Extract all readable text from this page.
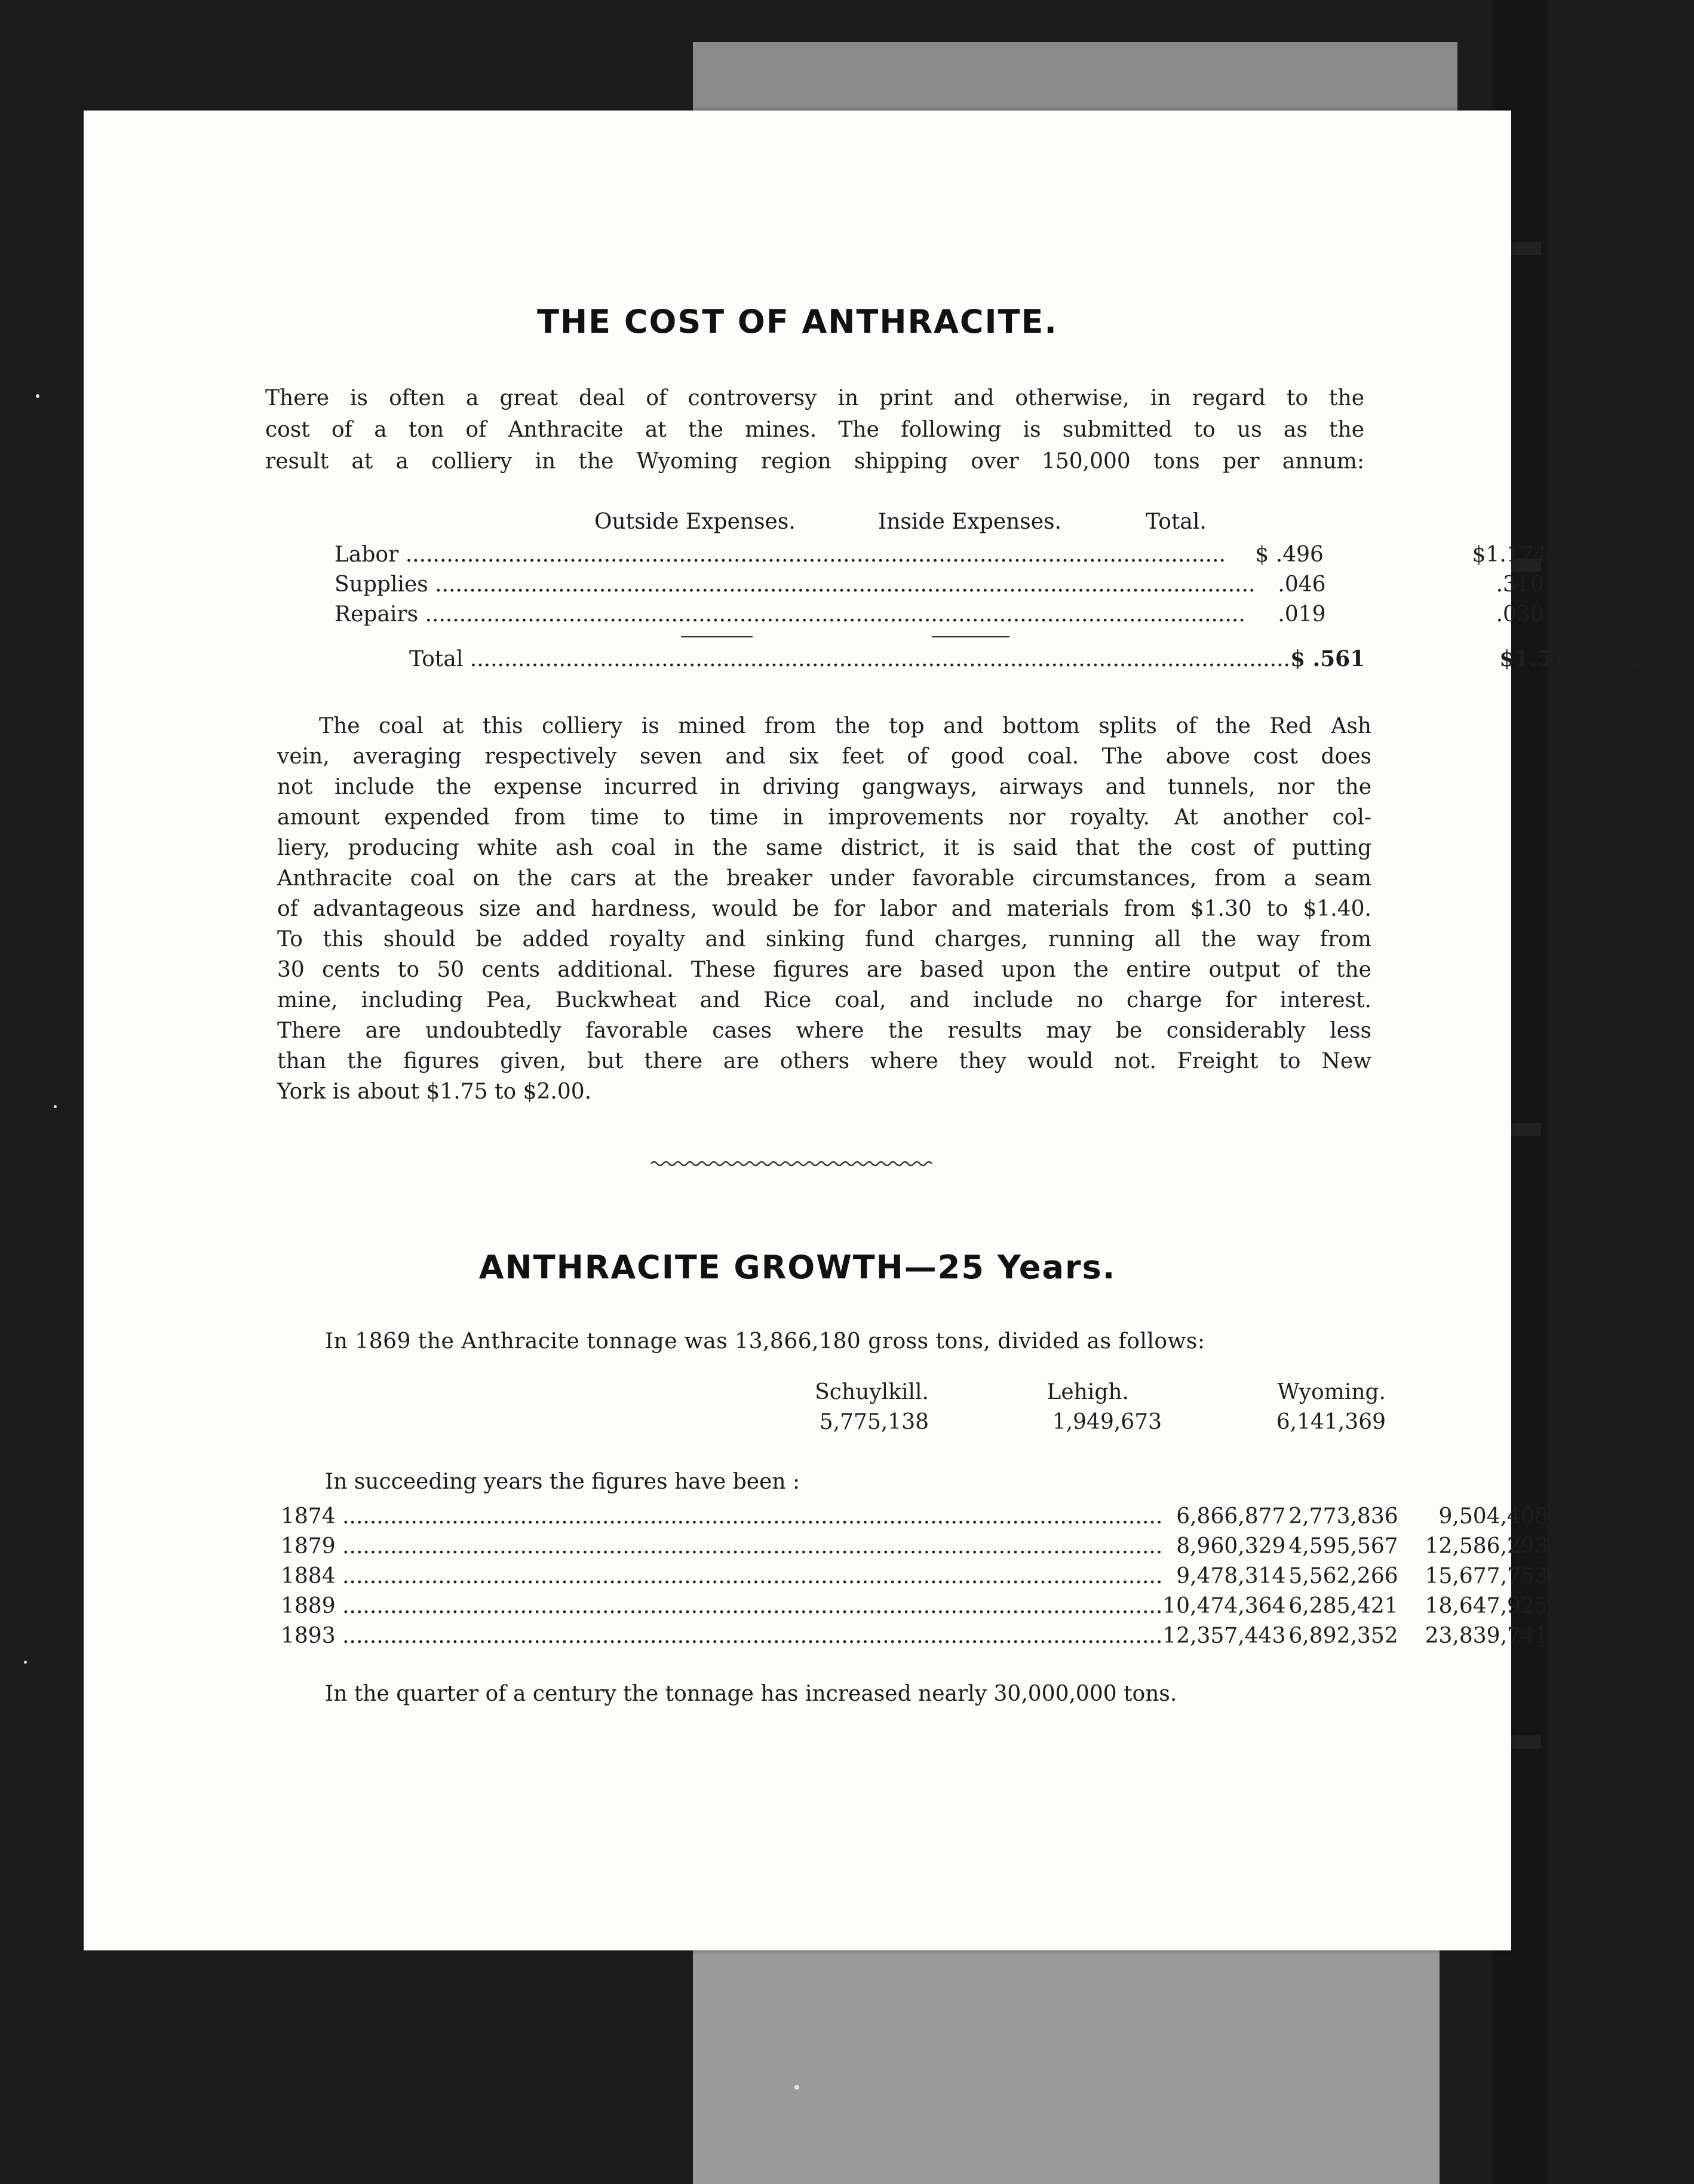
THE COST OF ANTHRACITE.
There is often a great deal of controversy in print and otherwise, in regard to the
cost of a ton of Anthracite at the mines. The following is submitted to us as the
result at a colliery in the Wyoming region shipping over 150,000 tons per annum:
Outside Expenses.	Inside Expenses.	Total.
Labor .....	$ .496	$1.174
Supplies .....	.046	.310
Repairs .....	.019	.030
Total .....	$ .561	$1.514	$2.075
The coal at this colliery is mined from the top and bottom splits of the Red Ash
vein, averaging respectively seven and six feet of good coal. The above cost does
not include the expense incurred in driving gangways, airways and tunnels, nor the
amount expended from time to time in improvements nor royalty. At another col-
liery, producing white ash coal in the same district, it is said that the cost of putting
Anthracite coal on the cars at the breaker under favorable circumstances, from a seam
of advantageous size and hardness, would be for labor and materials from $1.30 to $1.40.
To this should be added royalty and sinking fund charges, running all the way from
30 cents to 50 cents additional. These figures are based upon the entire output of the
mine, including Pea, Buckwheat and Rice coal, and include no charge for interest.
There are undoubtedly favorable cases where the results may be considerably less
than the figures given, but there are others where they would not. Freight to New
York is about $1.75 to $2.00.
ANTHRACITE GROWTH—25 Years.
In 1869 the Anthracite tonnage was 13,866,180 gross tons, divided as follows:
Schuylkill.	Lehigh.	Wyoming.
5,775,138	1,949,673	6,141,369
In succeeding years the figures have been :
1874 .....	6,866,877	2,773,836	9,504,408
1879 .....	8,960,329	4,595,567	12,586,293
1884 .....	9,478,314	5,562,266	15,677,753
1889 .....	10,474,364	6,285,421	18,647,925
1893 .....	12,357,443	6,892,352	23,839,741
In the quarter of a century the tonnage has increased nearly 30,000,000 tons.
